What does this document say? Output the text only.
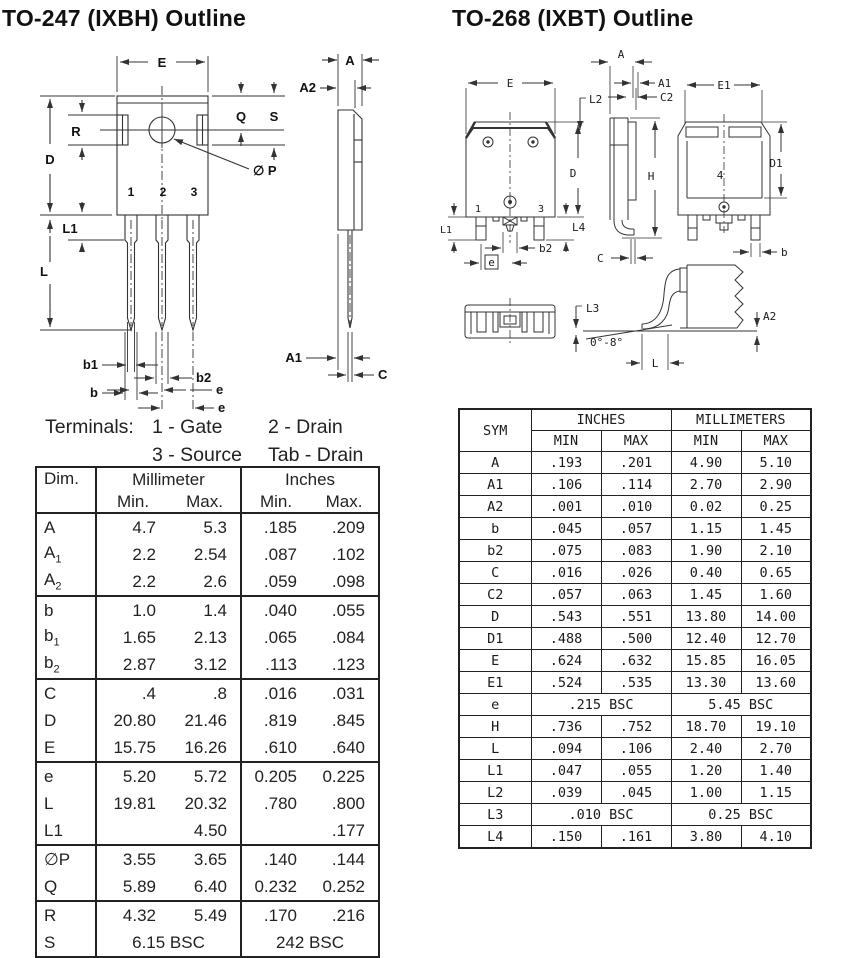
TO-247 (IXBH) Outline	TO-268 (IXBT) Outline
E
D
R
Q S
∅ P
L1
L
1 2 3
b1
b
b2
e
e
A
A2
A1
C
E
L2
D
L4
b2
e
L1
1	3
A
A1
C2
H
C
E1
D1
4
b
L3
0°-8°
L
A2
Terminals: 1 - Gate
3 - Source
2 - Drain
Tab - Drain
Dim.	Millimeter		Inches	
	Min.	Max.	Min.	Max.
A	4.7	5.3	.185	.209
$A_1$	2.2	2.54	.087	.102
$A_2$	2.2	2.6	.059	.098
b	1.0	1.4	.040	.055
$b_1$	1.65	2.13	.065	.084
$b_2$	2.87	3.12	.113	.123
C	.4	.8	.016	.031
D	20.80	21.46	.819	.845
E	15.75	16.26	.610	.640
e	5.20	5.72	0.205	0.225
L	19.81	20.32	.780	.800
L1		4.50		.177
∅P	3.55	3.65	.140	.144
Q	5.89	6.40	0.232	0.252
R	4.32	5.49	.170	.216
S	6.15 BSC		242 BSC	
SYM	INCHES		MILLIMETERS	
	MIN	MAX	MIN	MAX
A	.193	.201	4.90	5.10
A1	.106	.114	2.70	2.90
A2	.001	.010	0.02	0.25
b	.045	.057	1.15	1.45
b2	.075	.083	1.90	2.10
C	.016	.026	0.40	0.65
C2	.057	.063	1.45	1.60
D	.543	.551	13.80	14.00
D1	.488	.500	12.40	12.70
E	.624	.632	15.85	16.05
E1	.524	.535	13.30	13.60
e	.215 BSC		5.45 BSC	
H	.736	.752	18.70	19.10
L	.094	.106	2.40	2.70
L1	.047	.055	1.20	1.40
L2	.039	.045	1.00	1.15
L3	.010 BSC		0.25 BSC	
L4	.150	.161	3.80	4.10
